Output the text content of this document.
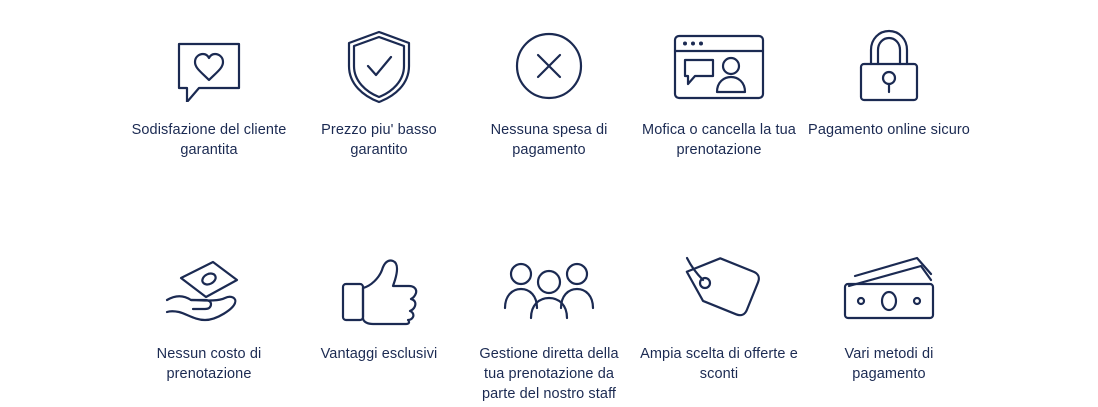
Sodisfazione del cliente garantita
Prezzo piu' basso garantito
Nessuna spesa di pagamento
Mofica o cancella la tua prenotazione
Pagamento online sicuro
Nessun costo di prenotazione
Vantaggi esclusivi	Gestione diretta della tua prenotazione da parte del nostro staff
Ampia scelta di offerte e sconti
Vari metodi di pagamento
